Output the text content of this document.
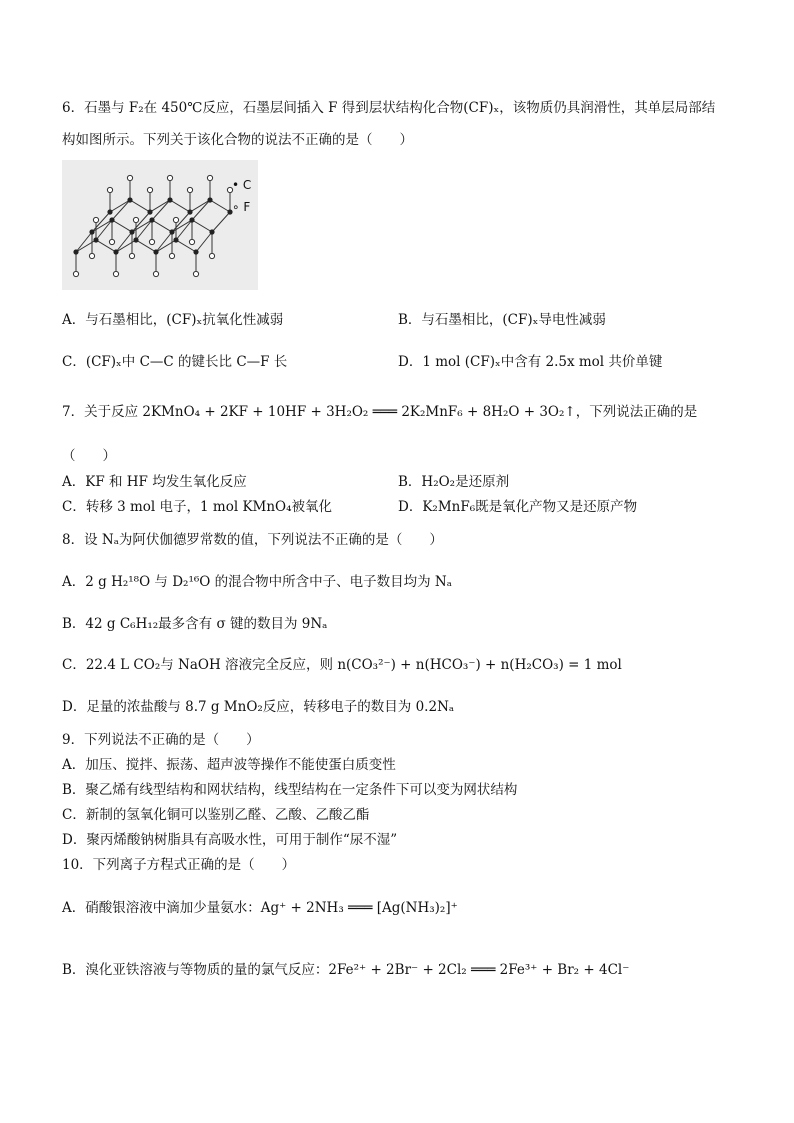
6．石墨与 F₂在 450℃反应，石墨层间插入 F 得到层状结构化合物(CF)ₓ，该物质仍具润滑性，其单层局部结
构如图所示。下列关于该化合物的说法不正确的是（　　）
• C
∘ F
A．与石墨相比，(CF)ₓ抗氧化性减弱	B．与石墨相比，(CF)ₓ导电性减弱
C．(CF)ₓ中 C—C 的键长比 C—F 长	D．1 mol (CF)ₓ中含有 2.5x mol 共价单键
7．关于反应 2KMnO₄ + 2KF + 10HF + 3H₂O₂ ═══ 2K₂MnF₆ + 8H₂O + 3O₂↑，下列说法正确的是
（　　）
A．KF 和 HF 均发生氧化反应	B．H₂O₂是还原剂
C．转移 3 mol 电子，1 mol KMnO₄被氧化	D．K₂MnF₆既是氧化产物又是还原产物
8．设 Nₐ为阿伏伽德罗常数的值，下列说法不正确的是（　　）
A．2 g H₂¹⁸O 与 D₂¹⁶O 的混合物中所含中子、电子数目均为 Nₐ
B．42 g C₆H₁₂最多含有 σ 键的数目为 9Nₐ
C．22.4 L CO₂与 NaOH 溶液完全反应，则 n(CO₃²⁻) + n(HCO₃⁻) + n(H₂CO₃) = 1 mol
D．足量的浓盐酸与 8.7 g MnO₂反应，转移电子的数目为 0.2Nₐ
9．下列说法不正确的是（　　）
A．加压、搅拌、振荡、超声波等操作不能使蛋白质变性
B．聚乙烯有线型结构和网状结构，线型结构在一定条件下可以变为网状结构
C．新制的氢氧化铜可以鉴别乙醛、乙酸、乙酸乙酯
D．聚丙烯酸钠树脂具有高吸水性，可用于制作“尿不湿”
10．下列离子方程式正确的是（　　）
A．硝酸银溶液中滴加少量氨水：Ag⁺ + 2NH₃ ═══ [Ag(NH₃)₂]⁺
B．溴化亚铁溶液与等物质的量的氯气反应：2Fe²⁺ + 2Br⁻ + 2Cl₂ ═══ 2Fe³⁺ + Br₂ + 4Cl⁻
